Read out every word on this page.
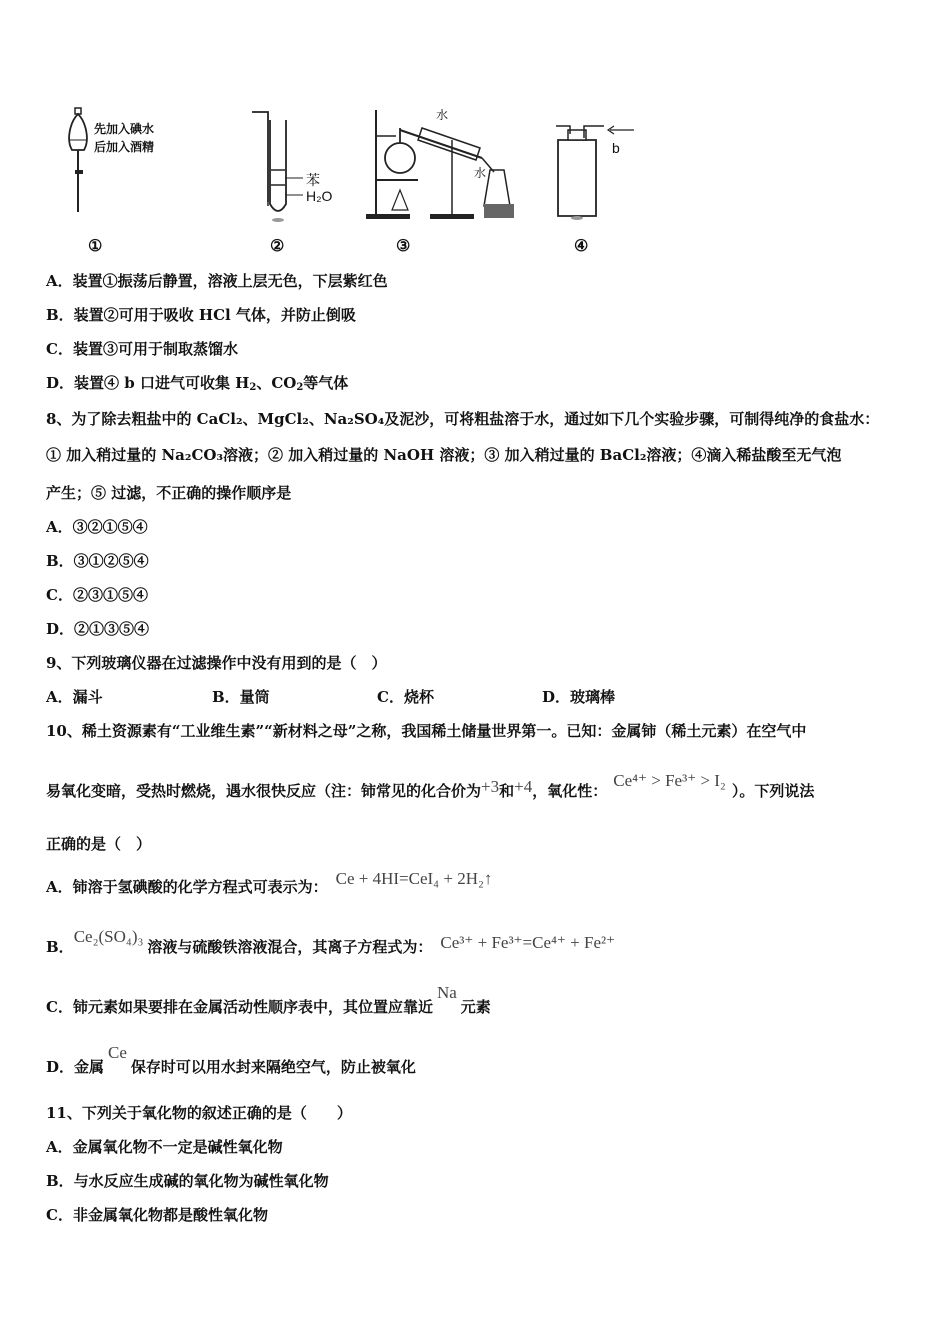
先加入碘水
后加入酒精
苯
H₂O
水
水
b
①	②	③	④
A．装置①振荡后静置，溶液上层无色，下层紫红色
B．装置②可用于吸收 HCl 气体，并防止倒吸
C．装置③可用于制取蒸馏水
D．装置④ b 口进气可收集 $H_2$、$CO_2$等气体
8、为了除去粗盐中的 CaCl₂、MgCl₂、Na₂SO₄及泥沙，可将粗盐溶于水，通过如下几个实验步骤，可制得纯净的食盐水：
① 加入稍过量的 Na₂CO₃溶液；② 加入稍过量的 NaOH 溶液；③ 加入稍过量的 BaCl₂溶液；④滴入稀盐酸至无气泡
产生；⑤ 过滤，不正确的操作顺序是
A．③②①⑤④
B．③①②⑤④
C．②③①⑤④
D．②①③⑤④
9、下列玻璃仪器在过滤操作中没有用到的是（　）
A．漏斗	B．量筒	C．烧杯	D．玻璃棒
10、稀土资源素有“工业维生素”“新材料之母”之称，我国稀土储量世界第一。已知：金属铈（稀土元素）在空气中
易氧化变暗，受热时燃烧，遇水很快反应（注：铈常见的化合价为+3和+4，氧化性：Ce⁴⁺ > Fe³⁺ > I₂）。下列说法
正确的是（　）
A．铈溶于氢碘酸的化学方程式可表示为： Ce + 4HI=CeI₄ + 2H₂↑
B．Ce₂(SO₄)₃溶液与硫酸铁溶液混合，其离子方程式为： Ce³⁺ + Fe³⁺=Ce⁴⁺ + Fe²⁺
C．铈元素如果要排在金属活动性顺序表中，其位置应靠近Na元素
D．金属Ce保存时可以用水封来隔绝空气，防止被氧化
11、下列关于氧化物的叙述正确的是（　　）
A．金属氧化物不一定是碱性氧化物
B．与水反应生成碱的氧化物为碱性氧化物
C．非金属氧化物都是酸性氧化物
